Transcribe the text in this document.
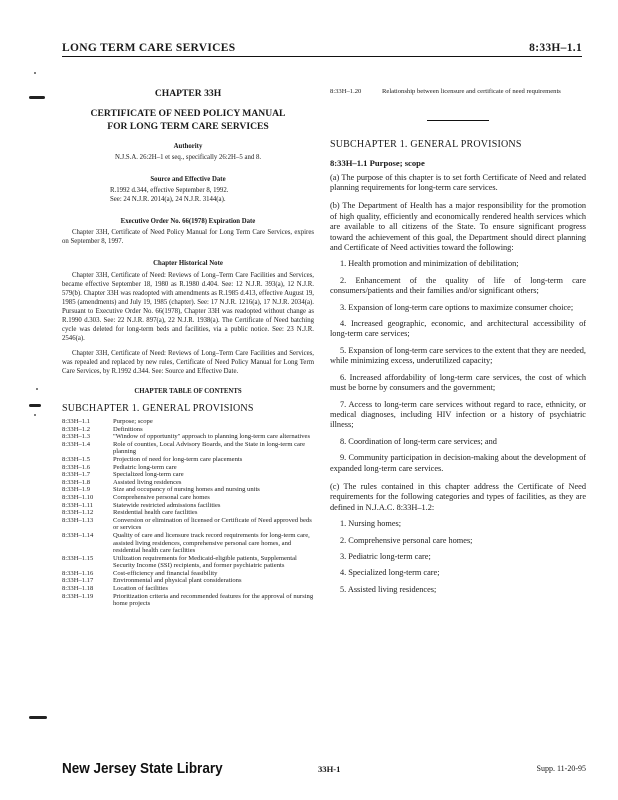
LONG TERM CARE SERVICES	8:33H–1.1
CHAPTER 33H
CERTIFICATE OF NEED POLICY MANUAL
FOR LONG TERM CARE SERVICES
Authority
N.J.S.A. 26:2H–1 et seq., specifically 26:2H–5 and 8.
Source and Effective Date
R.1992 d.344, effective September 8, 1992.
See: 24 N.J.R. 2014(a), 24 N.J.R. 3144(a).
Executive Order No. 66(1978) Expiration Date
Chapter 33H, Certificate of Need Policy Manual for Long Term Care Services, expires on September 8, 1997.
Chapter Historical Note
Chapter 33H, Certificate of Need: Reviews of Long–Term Care Facilities and Services, became effective September 18, 1980 as R.1980 d.404. See: 12 N.J.R. 393(a), 12 N.J.R. 579(b). Chapter 33H was readopted with amendments as R.1985 d.413, effective August 19, 1985 (amendments) and July 19, 1985 (chapter). See: 17 N.J.R. 1216(a), 17 N.J.R. 2034(a). Pursuant to Executive Order No. 66(1978), Chapter 33H was readopted without change as R.1990 d.303. See: 22 N.J.R. 897(a), 22 N.J.R. 1938(a). The Certificate of Need batching cycle was deleted for long-term beds and facilities, via a public notice. See: 23 N.J.R. 2546(a).
Chapter 33H, Certificate of Need: Reviews of Long–Term Care Facilities and Services, was repealed and replaced by new rules, Certificate of Need Policy Manual for Long Term Care Services, by R.1992 d.344. See: Source and Effective Date.
CHAPTER TABLE OF CONTENTS
SUBCHAPTER 1. GENERAL PROVISIONS
8:33H–1.1	Purpose; scope
8:33H–1.2	Definitions
8:33H–1.3	"Window of opportunity" approach to planning long-term care alternatives
8:33H–1.4	Role of counties, Local Advisory Boards, and the State in long-term care planning
8:33H–1.5	Projection of need for long-term care placements
8:33H–1.6	Pediatric long-term care
8:33H–1.7	Specialized long-term care
8:33H–1.8	Assisted living residences
8:33H–1.9	Size and occupancy of nursing homes and nursing units
8:33H–1.10	Comprehensive personal care homes
8:33H–1.11	Statewide restricted admissions facilities
8:33H–1.12	Residential health care facilities
8:33H–1.13	Conversion or elimination of licensed or Certificate of Need approved beds or services
8:33H–1.14	Quality of care and licensure track record requirements for long-term care, assisted living residences, comprehensive personal care homes, and residential health care facilities
8:33H–1.15	Utilization requirements for Medicaid-eligible patients, Supplemental Security Income (SSI) recipients, and former psychiatric patients
8:33H–1.16	Cost-efficiency and financial feasibility
8:33H–1.17	Environmental and physical plant considerations
8:33H–1.18	Location of facilities
8:33H–1.19	Prioritization criteria and recommended features for the approval of nursing home projects
8:33H–1.20	Relationship between licensure and certificate of need requirements
SUBCHAPTER 1. GENERAL PROVISIONS
8:33H–1.1 Purpose; scope

(a) The purpose of this chapter is to set forth Certificate of Need and related planning requirements for long-term care services.

(b) The Department of Health has a major responsibility for the promotion of high quality, efficiently and economically rendered health services which are available to all citizens of the State. To ensure significant progress toward the achievement of this goal, the Department should direct planning and Certificate of Need activities toward the following:

1. Health promotion and minimization of debilitation;

2. Enhancement of the quality of life of long-term care consumers/patients and their families and/or significant others;

3. Expansion of long-term care options to maximize consumer choice;

4. Increased geographic, economic, and architectural accessibility of long-term care services;

5. Expansion of long-term care services to the extent that they are needed, while minimizing excess, underutilized capacity;

6. Increased affordability of long-term care services, the cost of which must be borne by consumers and the government;

7. Access to long-term care services without regard to race, ethnicity, or medical diagnoses, including HIV infection or a history of psychiatric illness;

8. Coordination of long-term care services; and

9. Community participation in decision-making about the development of expanded long-term care services.

(c) The rules contained in this chapter address the Certificate of Need requirements for the following categories and types of facilities, as they are defined in N.J.A.C. 8:33H–1.2:

1. Nursing homes;

2. Comprehensive personal care homes;

3. Pediatric long-term care;

4. Specialized long-term care;

5. Assisted living residences;

New Jersey State Library	33H-1	Supp. 11-20-95
